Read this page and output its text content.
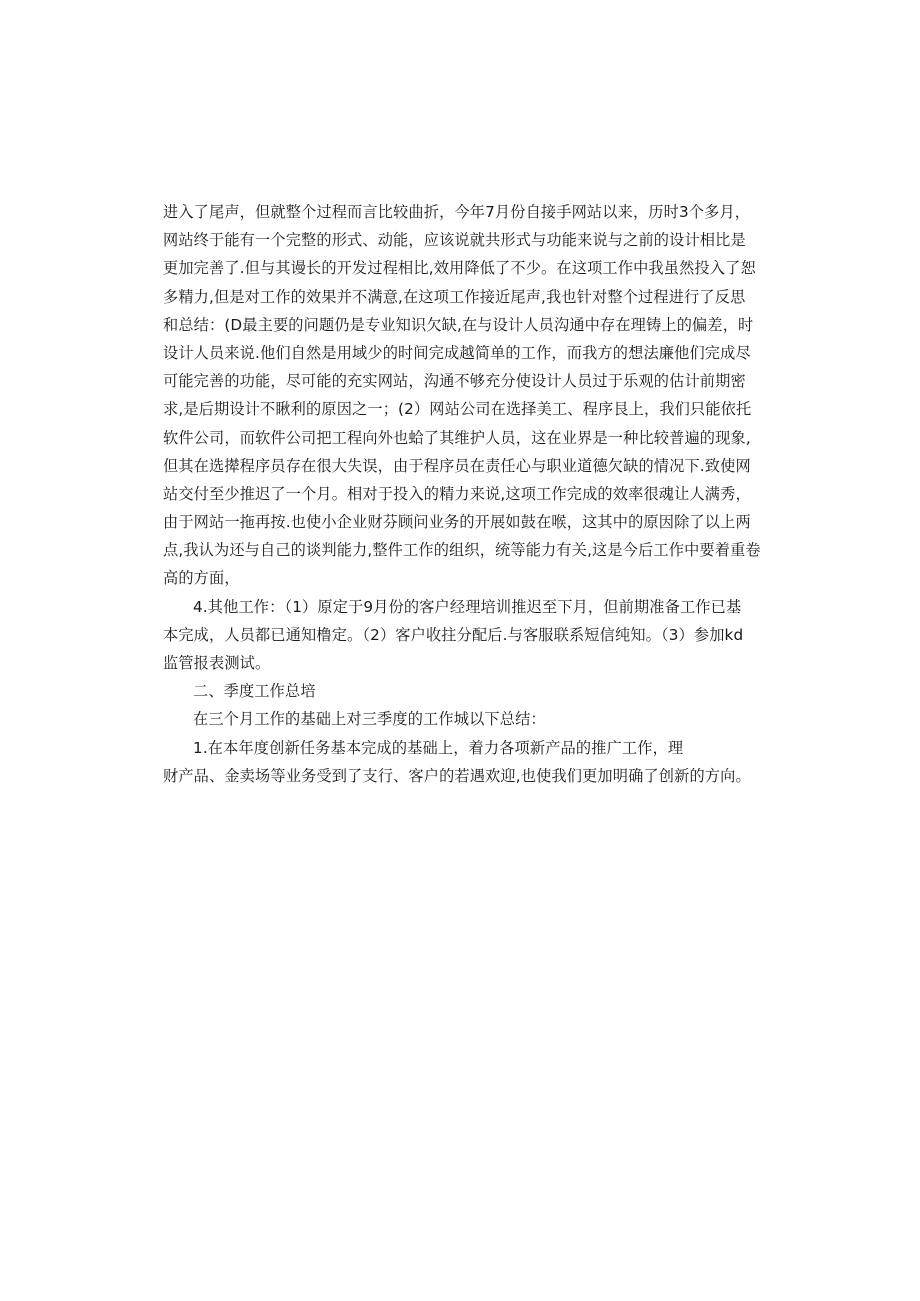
进入了尾声，但就整个过程而言比较曲折，今年7月份自接手网站以来，历时3个多月，
网站终于能有一个完整的形式、动能，应该说就共形式与功能来说与之前的设计相比是
更加完善了.但与其谩长的开发过程相比,效用降低了不少。在这项工作中我虽然投入了恕
多精力,但是对工作的效果并不满意,在这项工作接近尾声,我也针对整个过程进行了反思
和总结：(D最主要的问题仍是专业知识欠缺,在与设计人员沟通中存在理铸上的偏差，时
设计人员来说.他们自然是用域少的时间完成越简单的工作，而我方的想法廉他们完成尽
可能完善的功能，尽可能的充实网站，沟通不够充分使设计人员过于乐观的估计前期密
求,是后期设计不瞅利的原因之一；(2）网站公司在选择美工、程序艮上，我们只能依托
软件公司，而软件公司把工程向外也蛤了其维护人员，这在业界是一种比较普遍的现象,
但其在选撵程序员存在很大失误，由于程序员在责任心与职业道德欠缺的情况下.致使网
站交付至少推迟了一个月。相对于投入的精力来说,这项工作完成的效率很魂让人满秀，
由于网站一拖再按.也使小企业财芬顾问业务的开展如鼓在喉，这其中的原因除了以上两
点,我认为还与自己的谈判能力,整件工作的组织，统等能力有关,这是今后工作中要着重卷
高的方面，
4.其他工作：（1）原定于9月份的客户经理培训推迟至下月，但前期准备工作已基
本完成，人员都已通知橹定。（2）客户收拄分配后.与客服联系短信纯知。（3）参加kd
监管报表测试。
二、季度工作总培
在三个月工作的基础上对三季度的工作城以下总结：
1.在本年度创新任务基本完成的基础上，着力各项新产品的推广工作，理
财产品、金卖场等业务受到了支行、客户的若遇欢迎,也使我们更加明确了创新的方向。
